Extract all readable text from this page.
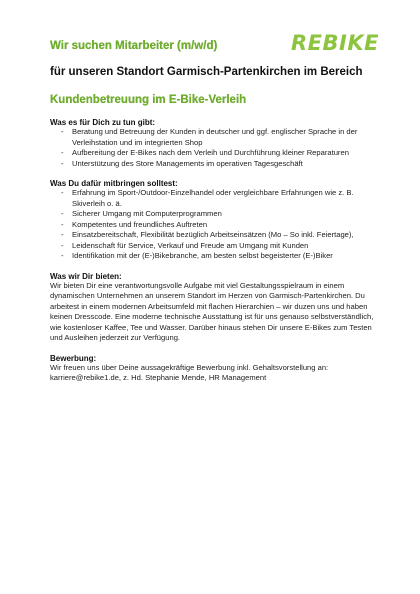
REBIKE
Wir suchen Mitarbeiter (m/w/d)
für unseren Standort Garmisch-Partenkirchen im Bereich
Kundenbetreuung im E-Bike-Verleih
Was es für Dich zu tun gibt:
- Beratung und Betreuung der Kunden in deutscher und ggf. englischer Sprache in der Verleihstation und im integrierten Shop
- Aufbereitung der E-Bikes nach dem Verleih und Durchführung kleiner Reparaturen
- Unterstützung des Store Managements im operativen Tagesgeschäft
Was Du dafür mitbringen solltest:
- Erfahrung im Sport-/Outdoor-Einzelhandel oder vergleichbare Erfahrungen wie z. B. Skiverleih o. ä.
- Sicherer Umgang mit Computerprogrammen
- Kompetentes und freundliches Auftreten
- Einsatzbereitschaft, Flexibilität bezüglich Arbeitseinsätzen (Mo – So inkl. Feiertage),
- Leidenschaft für Service, Verkauf und Freude am Umgang mit Kunden
- Identifikation mit der (E-)Bikebranche, am besten selbst begeisterter (E-)Biker
Was wir Dir bieten:

Wir bieten Dir eine verantwortungsvolle Aufgabe mit viel Gestaltungsspielraum in einem dynamischen Unternehmen an unserem Standort im Herzen von Garmisch-Partenkirchen. Du arbeitest in einem modernen Arbeitsumfeld mit flachen Hierarchien – wir duzen uns und haben keinen Dresscode. Eine moderne technische Ausstattung ist für uns genauso selbstverständlich, wie kostenloser Kaffee, Tee und Wasser. Darüber hinaus stehen Dir unsere E-Bikes zum Testen und Ausleihen jederzeit zur Verfügung.

Bewerbung:

Wir freuen uns über Deine aussagekräftige Bewerbung inkl. Gehaltsvorstellung an: karriere@rebike1.de, z. Hd. Stephanie Mende, HR Management
